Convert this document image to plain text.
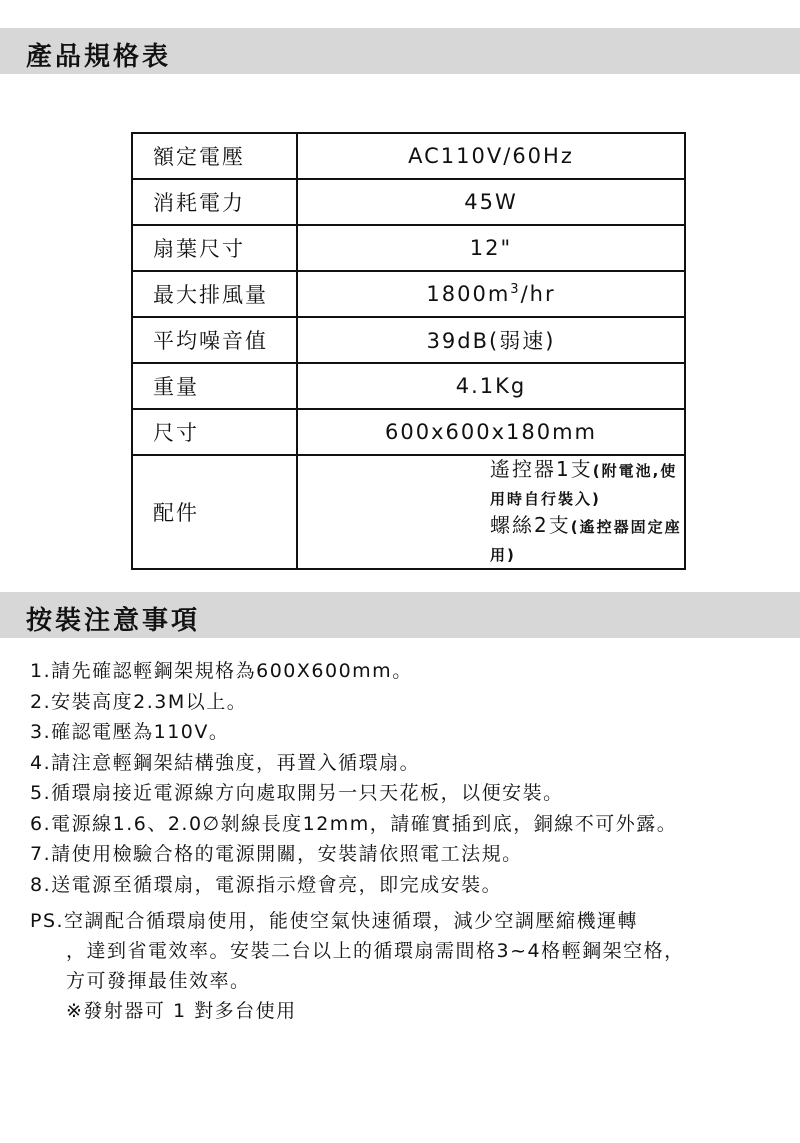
產品規格表
額定電壓	AC110V/60Hz
消耗電力	45W
扇葉尺寸	12"
最大排風量	$1800m^3/hr$
平均噪音值	39dB(弱速)
重量	4.1Kg
尺寸	600x600x180mm
配件	遙控器1支(附電池,使用時自行裝入)
螺絲2支(遙控器固定座用)
按裝注意事項
1.請先確認輕鋼架規格為600X600mm。
2.安裝高度2.3M以上。
3.確認電壓為110V。
4.請注意輕鋼架結構強度，再置入循環扇。
5.循環扇接近電源線方向處取開另一只天花板，以便安裝。
6.電源線1.6、2.0∅剝線長度12mm，請確實插到底，銅線不可外露。
7.請使用檢驗合格的電源開關，安裝請依照電工法規。
8.送電源至循環扇，電源指示燈會亮，即完成安裝。
PS.空調配合循環扇使用，能使空氣快速循環，減少空調壓縮機運轉
，達到省電效率。安裝二台以上的循環扇需間格3~4格輕鋼架空格，
方可發揮最佳效率。
※發射器可 1 對多台使用
